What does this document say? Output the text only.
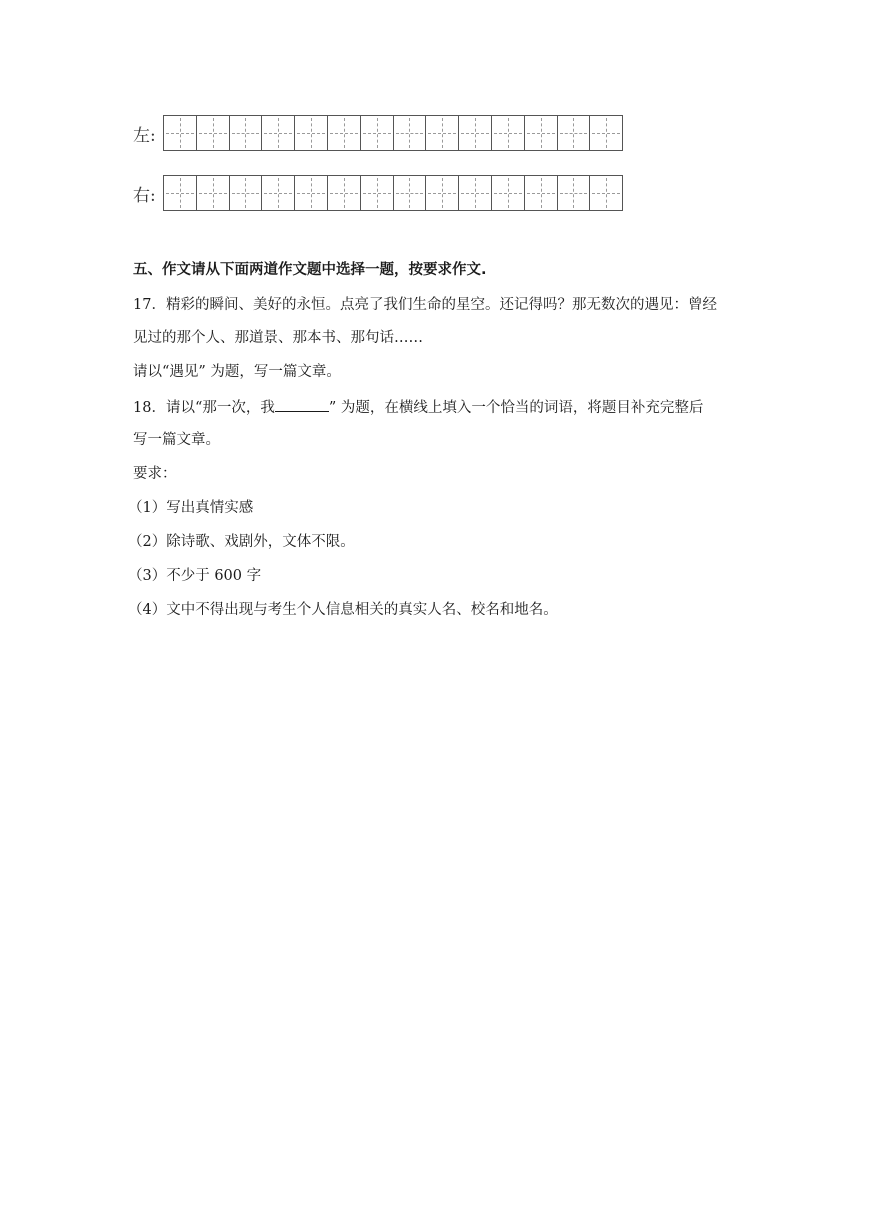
左:
右:
五、作文请从下面两道作文题中选择一题，按要求作文.
17．精彩的瞬间、美好的永恒。点亮了我们生命的星空。还记得吗？那无数次的遇见：曾经
见过的那个人、那道景、那本书、那句话……
请以“遇见” 为题，写一篇文章。
18．请以“那一次，我	” 为题，在横线上填入一个恰当的词语，将题目补充完整后
写一篇文章。
要求：
（1）写出真情实感
（2）除诗歌、戏剧外，文体不限。
（3）不少于 600 字
（4）文中不得出现与考生个人信息相关的真实人名、校名和地名。
